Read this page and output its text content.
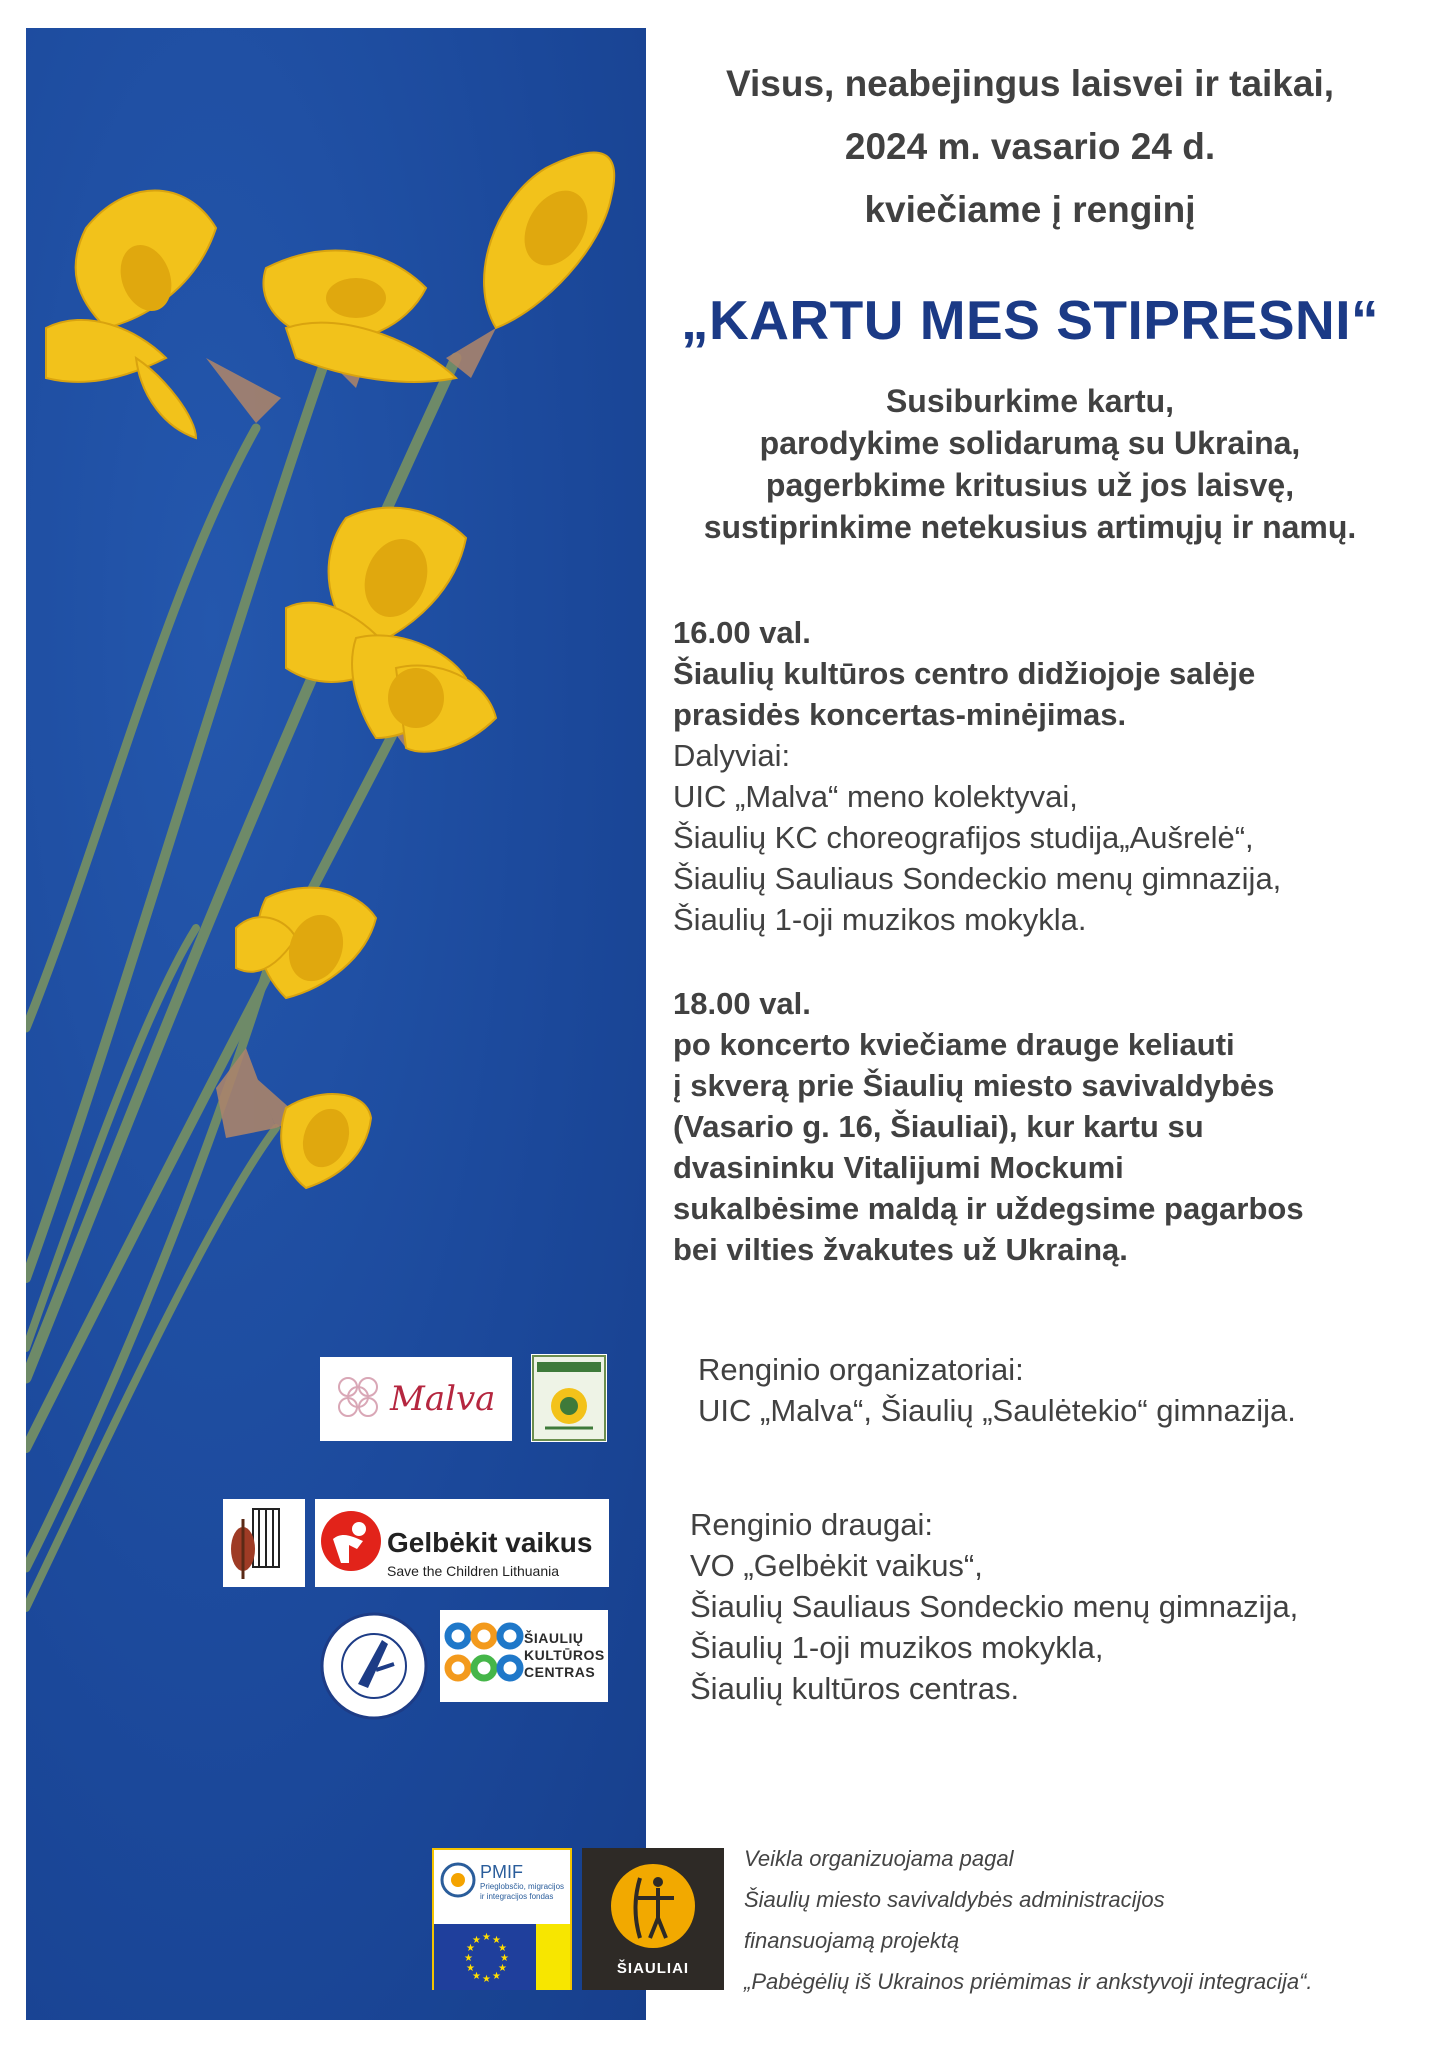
Malva
Gelbėkit vaikus
Save the Children Lithuania
ŠIAULIŲ
KULTŪROS
CENTRAS
Visus, neabejingus laisvei ir taikai,
2024 m. vasario 24 d.
kviečiame į renginį
„KARTU MES STIPRESNI“
Susiburkime kartu,
parodykime solidarumą su Ukraina,
pagerbkime kritusius už jos laisvę,
sustiprinkime netekusius artimųjų ir namų.
16.00 val.
Šiaulių kultūros centro didžiojoje salėje
prasidės koncertas-minėjimas.
Dalyviai:
UIC „Malva“ meno kolektyvai,
Šiaulių KC choreografijos studija„Aušrelė“,
Šiaulių Sauliaus Sondeckio menų gimnazija,
Šiaulių 1-oji muzikos mokykla.
18.00 val.
po koncerto kviečiame drauge keliauti
į skverą prie Šiaulių miesto savivaldybės
(Vasario g. 16, Šiauliai), kur kartu su
dvasininku Vitalijumi Mockumi
sukalbėsime maldą ir uždegsime pagarbos
bei vilties žvakutes už Ukrainą.
Renginio organizatoriai:
UIC „Malva“, Šiaulių „Saulėtekio“ gimnazija.
Renginio draugai:
VO „Gelbėkit vaikus“,
Šiaulių Sauliaus Sondeckio menų gimnazija,
Šiaulių 1-oji muzikos mokykla,
Šiaulių kultūros centras.
PMIF
Prieglobsčio, migracijos
ir integracijos fondas
★ ★
★
★
★
★
★
★
★
★
★
★
ŠIAULIAI
Veikla organizuojama pagal
Šiaulių miesto savivaldybės administracijos
finansuojamą projektą
„Pabėgėlių iš Ukrainos priėmimas ir ankstyvoji integracija“.
